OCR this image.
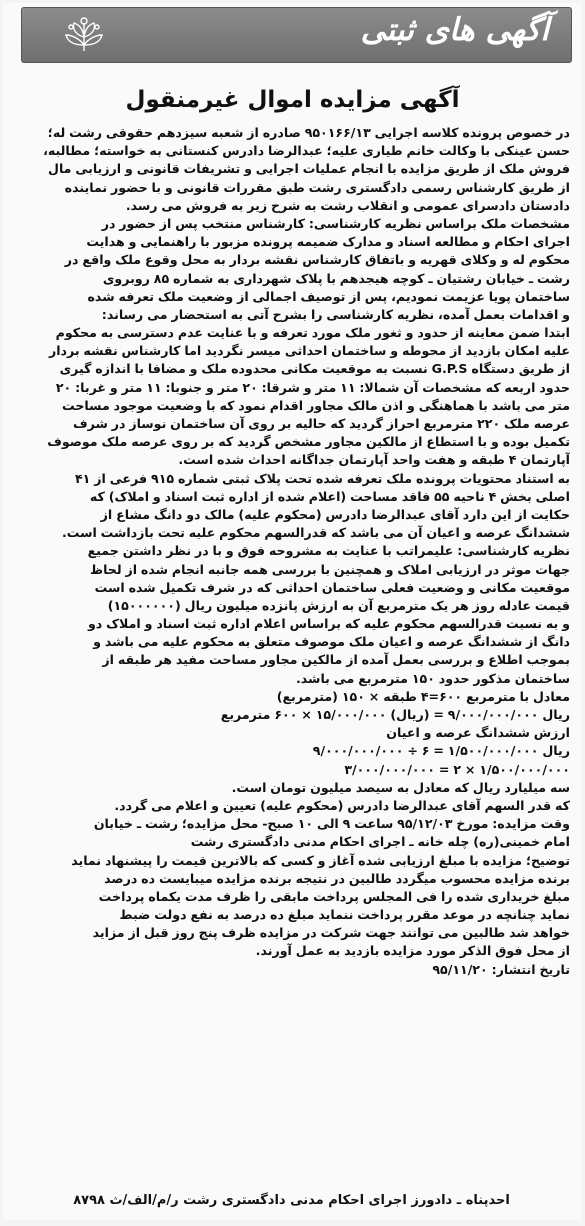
آگهی های ثبتی
آگهی مزایده اموال غیرمنقول
در خصوص پرونده کلاسه اجرایی ۹۵۰۱۶۶/۱۳ صادره از شعبه سیزدهم حقوقی رشت له؛
حسن عینکی با وکالت خانم طیاری علیه؛ عبدالرضا دادرس کنستانی به خواسته؛ مطالبه،
فروش ملک از طریق مزایده با انجام عملیات اجرایی و تشریفات قانونی و ارزیابی مال
از طریق کارشناس رسمی دادگستری رشت طبق مقررات قانونی و با حضور نماینده
دادستان دادسرای عمومی و انقلاب رشت به شرح زیر به فروش می رسد.
مشخصات ملک براساس نظریه کارشناسی: کارشناس منتخب پس از حضور در
اجرای احکام و مطالعه اسناد و مدارک ضمیمه پرونده مزبور با راهنمایی و هدایت
محکوم له و وکلای قهریه و باتفاق کارشناس نقشه بردار به محل وقوع ملک واقع در
رشت ـ خیابان رشتیان ـ کوچه هیجدهم با پلاک شهرداری به شماره ۸۵ روبروی
ساختمان پویا عزیمت نمودیم، پس از توصیف اجمالی از وضعیت ملک تعرفه شده
و اقدامات بعمل آمده، نظریه کارشناسی را بشرح آتی به استحضار می رساند:
ابتدا ضمن معاینه از حدود و ثغور ملک مورد تعرفه و با عنایت عدم دسترسی به محکوم
علیه امکان بازدید از محوطه و ساختمان احداثی میسر نگردید اما کارشناس نقشه بردار
از طریق دستگاه G.P.S نسبت به موقعیت مکانی محدوده ملک و مضافا با اندازه گیری
حدود اربعه که مشخصات آن شمالا: ۱۱ متر و شرقا: ۲۰ متر و جنوبا: ۱۱ متر و غربا: ۲۰
متر می باشد با هماهنگی و اذن مالک مجاور اقدام نمود که با وضعیت موجود مساحت
عرصه ملک ۲۲۰ مترمربع احراز گردید که حالیه بر روی آن ساختمان نوساز در شرف
تکمیل بوده و با استطاع از مالکین مجاور مشخص گردید که بر روی عرصه ملک موصوف
آپارتمان ۴ طبقه و هفت واحد آپارتمان جداگانه احداث شده است.
به استناد محتویات پرونده ملک تعرفه شده تحت پلاک ثبتی شماره ۹۱۵ فرعی از ۴۱
اصلی بخش ۴ ناحیه ۵۵ فاقد مساحت (اعلام شده از اداره ثبت اسناد و املاک) که
حکایت از این دارد آقای عبدالرضا دادرس (محکوم علیه) مالک دو دانگ مشاع از
ششدانگ عرصه و اعیان آن می باشد که قدرالسهم محکوم علیه تحت بازداشت است.
نظریه کارشناسی: علیمراتب با عنایت به مشروحه فوق و با در نظر داشتن جمیع
جهات موثر در ارزیابی املاک و همچنین با بررسی همه جانبه انجام شده از لحاظ
موقعیت مکانی و وضعیت فعلی ساختمان احداثی که در شرف تکمیل شده است
قیمت عادله روز هر یک مترمربع آن به ارزش پانزده میلیون ریال (۱۵۰۰۰۰۰۰)
و به نسبت قدرالسهم محکوم علیه که براساس اعلام اداره ثبت اسناد و املاک دو
دانگ از ششدانگ عرصه و اعیان ملک موصوف متعلق به محکوم علیه می باشد و
بموجب اطلاع و بررسی بعمل آمده از مالکین مجاور مساحت مفید هر طبقه از
ساختمان مذکور حدود ۱۵۰ مترمربع می باشد.
معادل با مترمربع ۶۰۰=۴ طبقه × ۱۵۰ (مترمربع)
ریال ۹/۰۰۰/۰۰۰/۰۰۰ = (ریال) ۱۵/۰۰۰/۰۰۰ × ۶۰۰ مترمربع
ارزش ششدانگ عرصه و اعیان
ریال ۱/۵۰۰/۰۰۰/۰۰۰ = ۶ ÷ ۹/۰۰۰/۰۰۰/۰۰۰
۱/۵۰۰/۰۰۰/۰۰۰ × ۲ = ۳/۰۰۰/۰۰۰/۰۰۰
سه میلیارد ریال که معادل به سیصد میلیون تومان است.
که قدر السهم آقای عبدالرضا دادرس (محکوم علیه) تعیین و اعلام می گردد.
وقت مزایده: مورخ ۹۵/۱۲/۰۳ ساعت ۹ الی ۱۰ صبح- محل مزایده؛ رشت ـ خیابان
امام خمینی(ره) چله خانه ـ اجرای احکام مدنی دادگستری رشت
توضیح؛ مزایده با مبلغ ارزیابی شده آغاز و کسی که بالاترین قیمت را پیشنهاد نماید
برنده مزایده محسوب میگردد طالبین در نتیجه برنده مزایده میبایست ده درصد
مبلغ خریداری شده را فی المجلس پرداخت مابقی را ظرف مدت یکماه پرداخت
نماید چنانچه در موعد مقرر پرداخت ننماید مبلغ ده درصد به نفع دولت ضبط
خواهد شد طالبین می توانند جهت شرکت در مزایده ظرف پنج روز قبل از مزاید
از محل فوق الذکر مورد مزایده بازدید به عمل آورند.
تاریخ انتشار: ۹۵/۱۱/۲۰
احدپناه ـ دادورز اجرای احکام مدنی دادگستری رشت ر/م/الف/ث ۸۷۹۸
